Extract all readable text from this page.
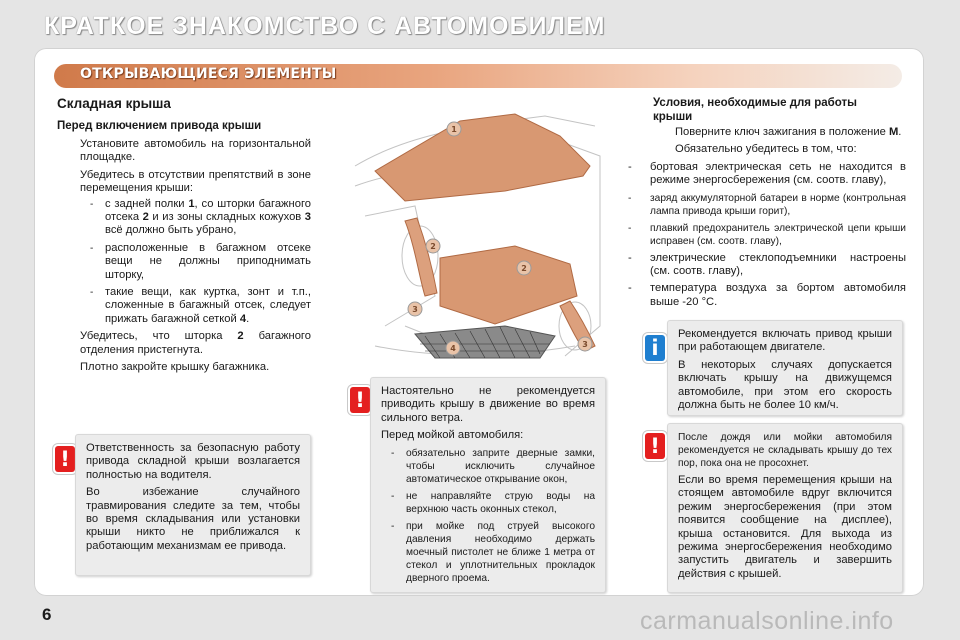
КРАТКОЕ ЗНАКОМСТВО С АВТОМОБИЛЕМ
ОТКРЫВАЮЩИЕСЯ ЭЛЕМЕНТЫ
Складная крыша
Перед включением привода крыши
Установите автомобиль на горизонтальной площадке.
Убедитесь в отсутствии препятствий в зоне перемещения крыши:
- с задней полки 1, со шторки багажного отсека 2 и из зоны складных кожухов 3 всё должно быть убрано,
- расположенные в багажном отсеке вещи не должны приподнимать шторку,
- такие вещи, как куртка, зонт и т.п., сложенные в багажный отсек, следует прижать багажной сеткой 4.
Убедитесь, что шторка 2 багажного отделения пристегнута.
Плотно закройте крышку багажника.
!	Ответственность за безопасную работу привода складной крыши возлагается полностью на водителя.

Во избежание случайного травмирования следите за тем, чтобы во время складывания или установки крыши никто не приближался к работающим механизмам ее привода.

1
2
2
3
3
4
!	Настоятельно не рекомендуется приводить крышу в движение во время сильного ветра.

Перед мойкой автомобиля:

- обязательно заприте дверные замки, чтобы исключить случайное автоматическое открывание окон,
- не направляйте струю воды на верхнюю часть оконных стекол,
- при мойке под струей высокого давления необходимо держать моечный пистолет не ближе 1 метра от стекол и уплотнительных прокладок дверного проема.
Условия, необходимые для работы крыши
Поверните ключ зажигания в положение М.
Обязательно убедитесь в том, что:
- бортовая электрическая сеть не находится в режиме энергосбережения (см. соотв. главу),
- заряд аккумуляторной батареи в норме (контрольная лампа привода крыши горит),
- плавкий предохранитель электрической цепи крыши исправен (см. соотв. главу),
- электрические стеклоподъемники настроены (см. соотв. главу),
- температура воздуха за бортом автомобиля выше -20 °С.
i

Рекомендуется включать привод крыши при работающем двигателе.

В некоторых случаях допускается включать крышу на движущемся автомобиле, при этом его скорость должна быть не более 10 км/ч.

!	После дождя или мойки автомобиля рекомендуется не складывать крышу до тех пор, пока она не просохнет.

Если во время перемещения крыши на стоящем автомобиле вдруг включится режим энергосбережения (при этом появится сообщение на дисплее), крыша остановится. Для выхода из режима энергосбережения необходимо запустить двигатель и завершить действия с крышей.

6	carmanualsonline.info
